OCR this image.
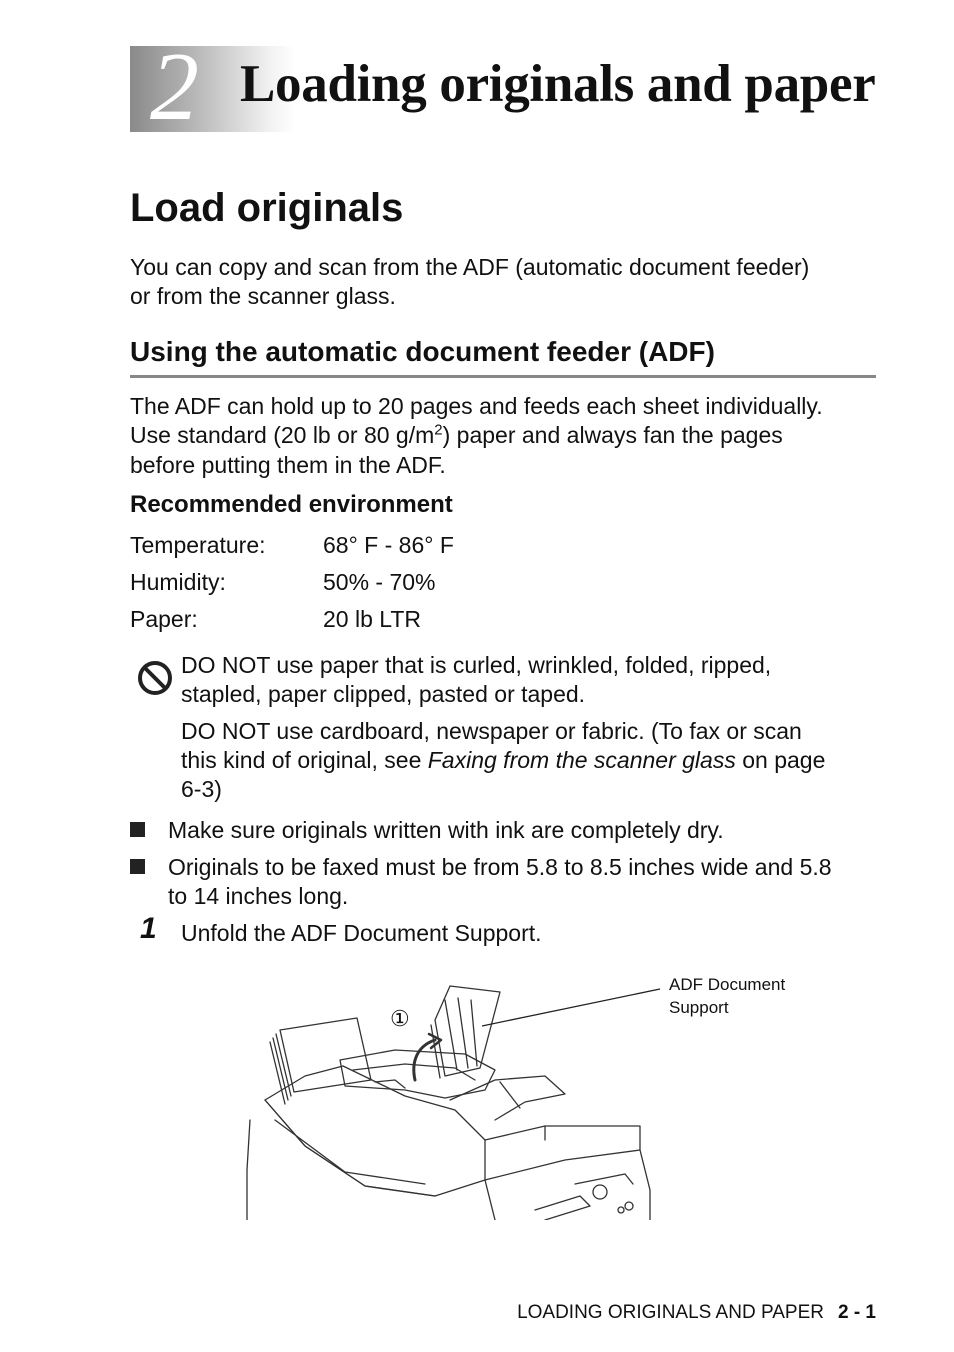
2 Loading originals and paper
Load originals

You can copy and scan from the ADF (automatic document feeder)

or from the scanner glass.

Using the automatic document feeder (ADF)

The ADF can hold up to 20 pages and feeds each sheet individually.

Use standard (20 lb or 80 $g/m^2$) paper and always fan the pages

before putting them in the ADF.

Recommended environment
Temperature: 68° F - 86° F
Humidity:	50% - 70%
Paper:	20 lb LTR

DO NOT use paper that is curled, wrinkled, folded, ripped,

stapled, paper clipped, pasted or taped.

DO NOT use cardboard, newspaper or fabric. (To fax or scan

this kind of original, see Faxing from the scanner glass on page

6-3)

Make sure originals written with ink are completely dry.

Originals to be faxed must be from 5.8 to 8.5 inches wide and 5.8

to 14 inches long.

1 Unfold the ADF Document Support.

①
ADF Document
Support
LOADING ORIGINALS AND PAPER 2 - 1
